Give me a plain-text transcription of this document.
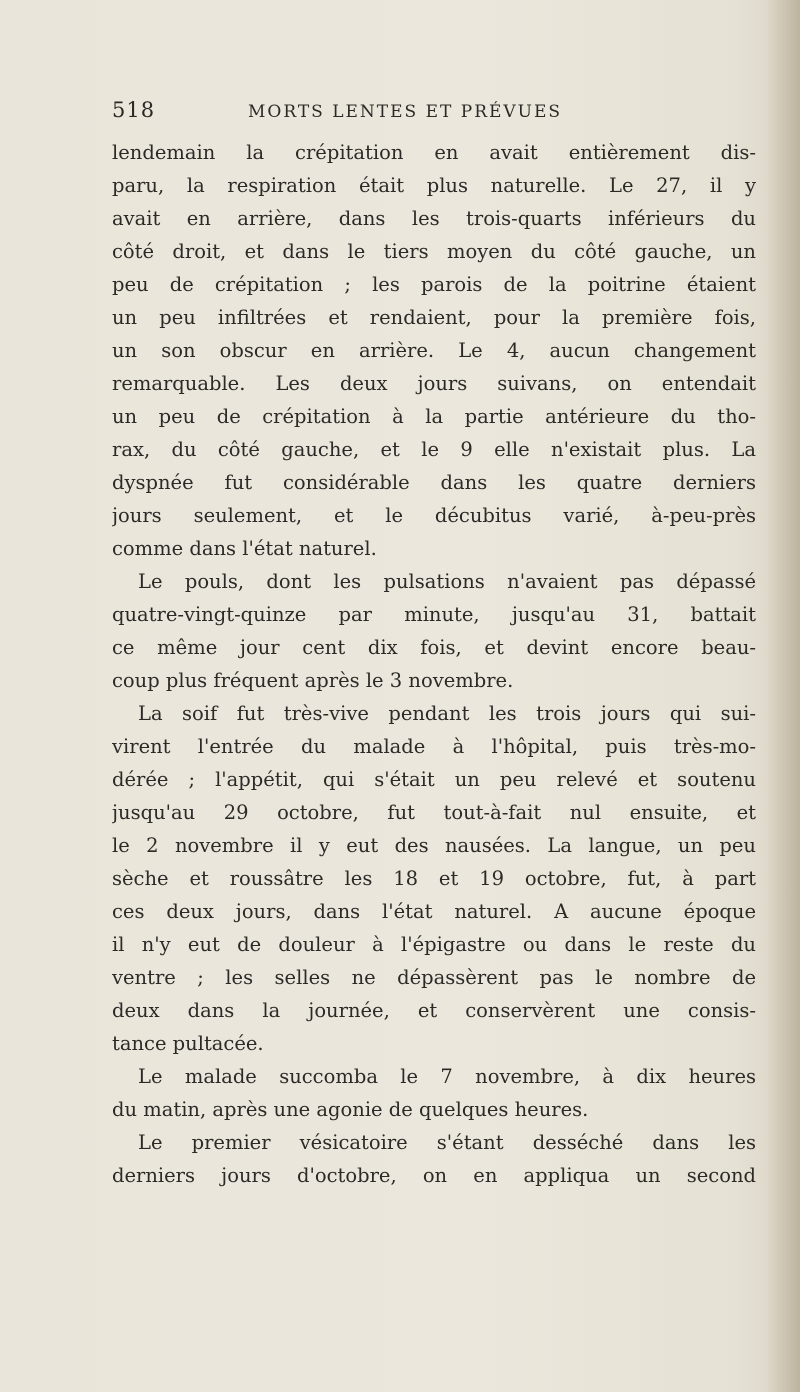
518	MORTS LENTES ET PRÉVUES
lendemain la crépitation en avait entièrement dis-
paru, la respiration était plus naturelle. Le 27, il y
avait en arrière, dans les trois-quarts inférieurs du
côté droit, et dans le tiers moyen du côté gauche, un
peu de crépitation ; les parois de la poitrine étaient
un peu infiltrées et rendaient, pour la première fois,
un son obscur en arrière. Le 4, aucun changement
remarquable. Les deux jours suivans, on entendait
un peu de crépitation à la partie antérieure du tho-
rax, du côté gauche, et le 9 elle n'existait plus. La
dyspnée fut considérable dans les quatre derniers
jours seulement, et le décubitus varié, à-peu-près
comme dans l'état naturel.
Le pouls, dont les pulsations n'avaient pas dépassé
quatre-vingt-quinze par minute, jusqu'au 31, battait
ce même jour cent dix fois, et devint encore beau-
coup plus fréquent après le 3 novembre.
La soif fut très-vive pendant les trois jours qui sui-
virent l'entrée du malade à l'hôpital, puis très-mo-
dérée ; l'appétit, qui s'était un peu relevé et soutenu
jusqu'au 29 octobre, fut tout-à-fait nul ensuite, et
le 2 novembre il y eut des nausées. La langue, un peu
sèche et roussâtre les 18 et 19 octobre, fut, à part
ces deux jours, dans l'état naturel. A aucune époque
il n'y eut de douleur à l'épigastre ou dans le reste du
ventre ; les selles ne dépassèrent pas le nombre de
deux dans la journée, et conservèrent une consis-
tance pultacée.
Le malade succomba le 7 novembre, à dix heures
du matin, après une agonie de quelques heures.
Le premier vésicatoire s'étant desséché dans les
derniers jours d'octobre, on en appliqua un second
